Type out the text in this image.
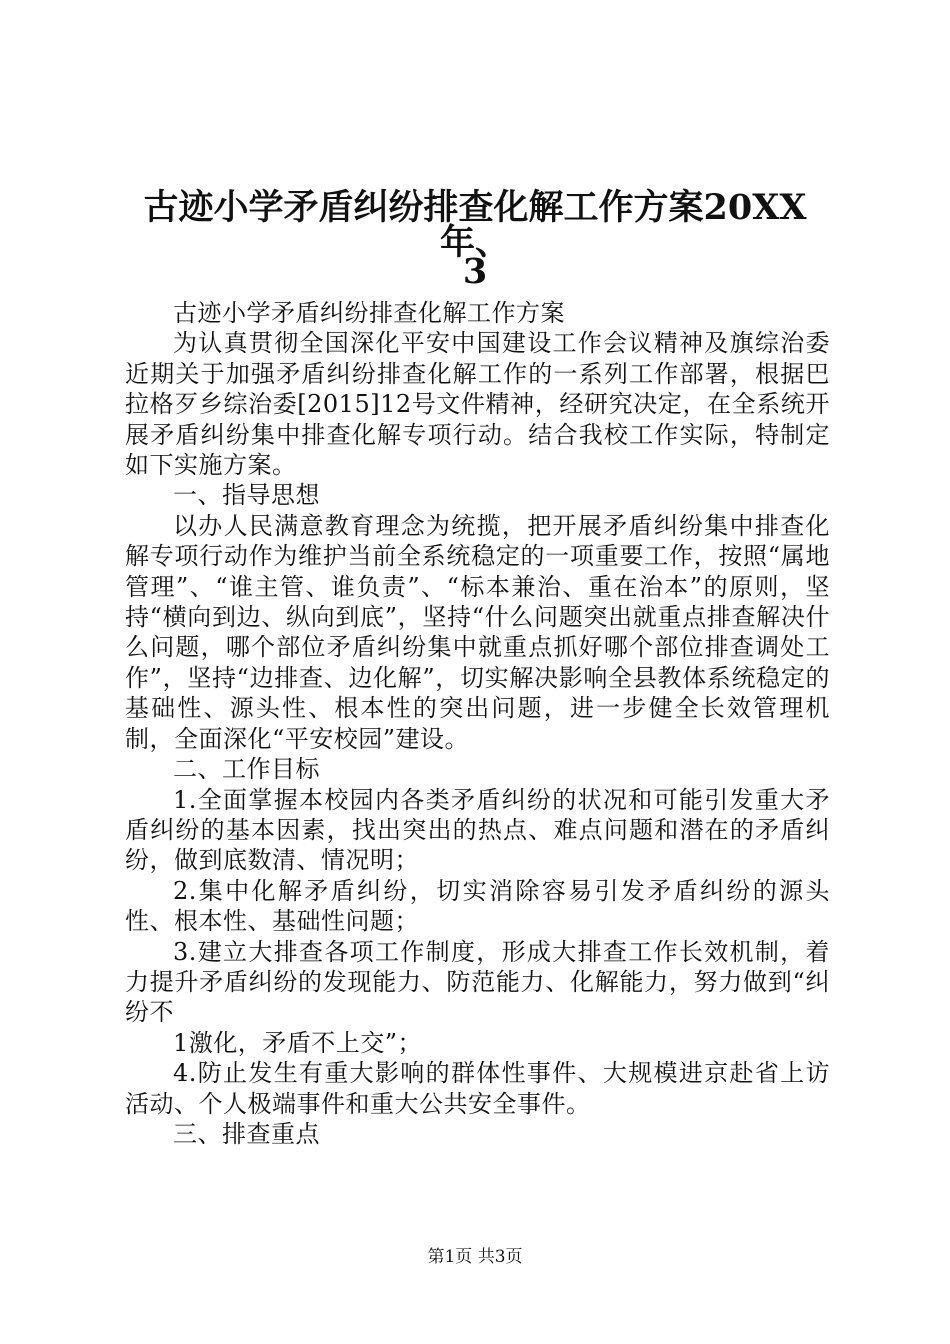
古迹小学矛盾纠纷排查化解工作方案20XX年、
3

古迹小学矛盾纠纷排查化解工作方案

为认真贯彻全国深化平安中国建设工作会议精神及旗综治委近期关于加强矛盾纠纷排查化解工作的一系列工作部署，根据巴拉格歹乡综治委[2015]12号文件精神，经研究决定，在全系统开展矛盾纠纷集中排查化解专项行动。结合我校工作实际，特制定如下实施方案。

一、指导思想

以办人民满意教育理念为统揽，把开展矛盾纠纷集中排查化解专项行动作为维护当前全系统稳定的一项重要工作，按照“属地管理”、“谁主管、谁负责”、“标本兼治、重在治本”的原则，坚持“横向到边、纵向到底”，坚持“什么问题突出就重点排查解决什么问题，哪个部位矛盾纠纷集中就重点抓好哪个部位排查调处工作”，坚持“边排查、边化解”，切实解决影响全县教体系统稳定的基础性、源头性、根本性的突出问题，进一步健全长效管理机制，全面深化“平安校园”建设。

二、工作目标

1.全面掌握本校园内各类矛盾纠纷的状况和可能引发重大矛盾纠纷的基本因素，找出突出的热点、难点问题和潜在的矛盾纠纷，做到底数清、情况明；

2.集中化解矛盾纠纷，切实消除容易引发矛盾纠纷的源头性、根本性、基础性问题；

3.建立大排查各项工作制度，形成大排查工作长效机制，着力提升矛盾纠纷的发现能力、防范能力、化解能力，努力做到“纠纷不

1激化，矛盾不上交”；

4.防止发生有重大影响的群体性事件、大规模进京赴省上访活动、个人极端事件和重大公共安全事件。

三、排查重点

第1页 共3页
